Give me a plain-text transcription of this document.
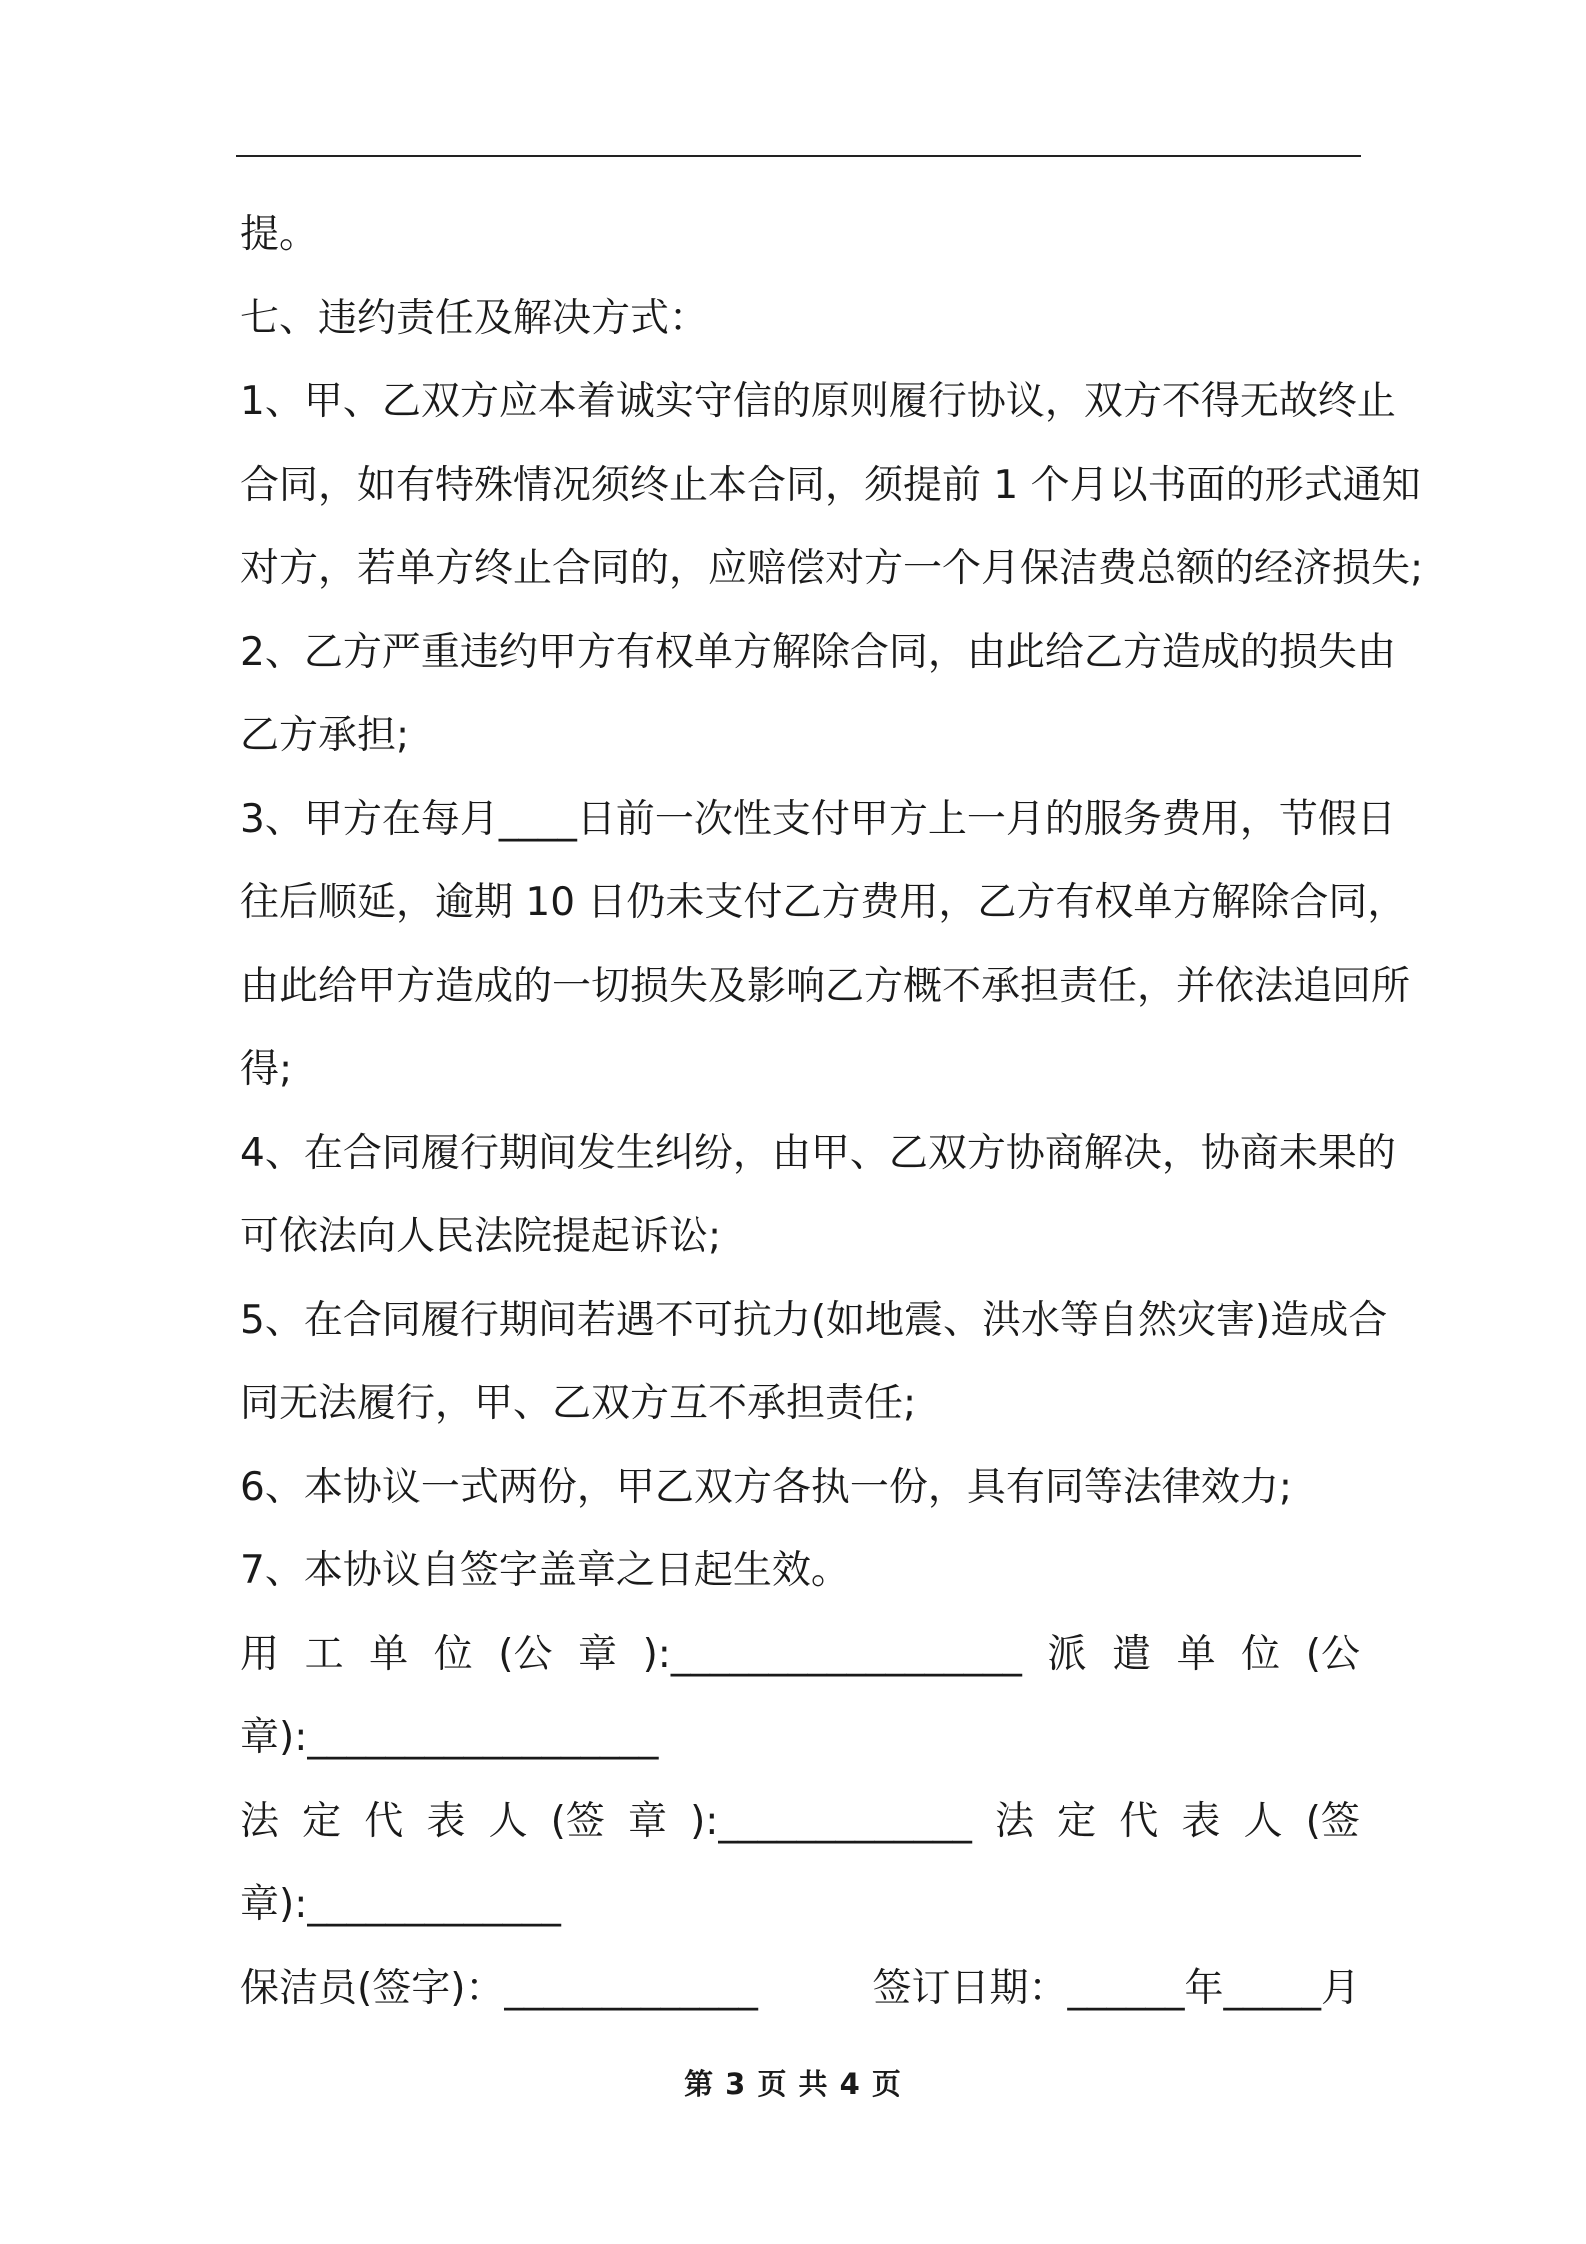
提。
七、违约责任及解决方式：
1、甲、乙双方应本着诚实守信的原则履行协议，双方不得无故终止
合同，如有特殊情况须终止本合同，须提前 1 个月以书面的形式通知
对方，若单方终止合同的，应赔偿对方一个月保洁费总额的经济损失;
2、乙方严重违约甲方有权单方解除合同，由此给乙方造成的损失由
乙方承担;
3、甲方在每月____日前一次性支付甲方上一月的服务费用，节假日
往后顺延，逾期 10 日仍未支付乙方费用，乙方有权单方解除合同，
由此给甲方造成的一切损失及影响乙方概不承担责任，并依法追回所
得;
4、在合同履行期间发生纠纷，由甲、乙双方协商解决，协商未果的
可依法向人民法院提起诉讼;
5、在合同履行期间若遇不可抗力(如地震、洪水等自然灾害)造成合
同无法履行，甲、乙双方互不承担责任;
6、本协议一式两份，甲乙双方各执一份，具有同等法律效力;
7、本协议自签字盖章之日起生效。
用 工 单 位 (公 章 ):__________________ 派 遣 单 位 (公
章):__________________
法 定 代 表 人 (签 章 ):_____________ 法 定 代 表 人 (签
章):_____________
保洁员(签字)：_____________	签订日期：______年_____月
第 3 页 共 4 页
